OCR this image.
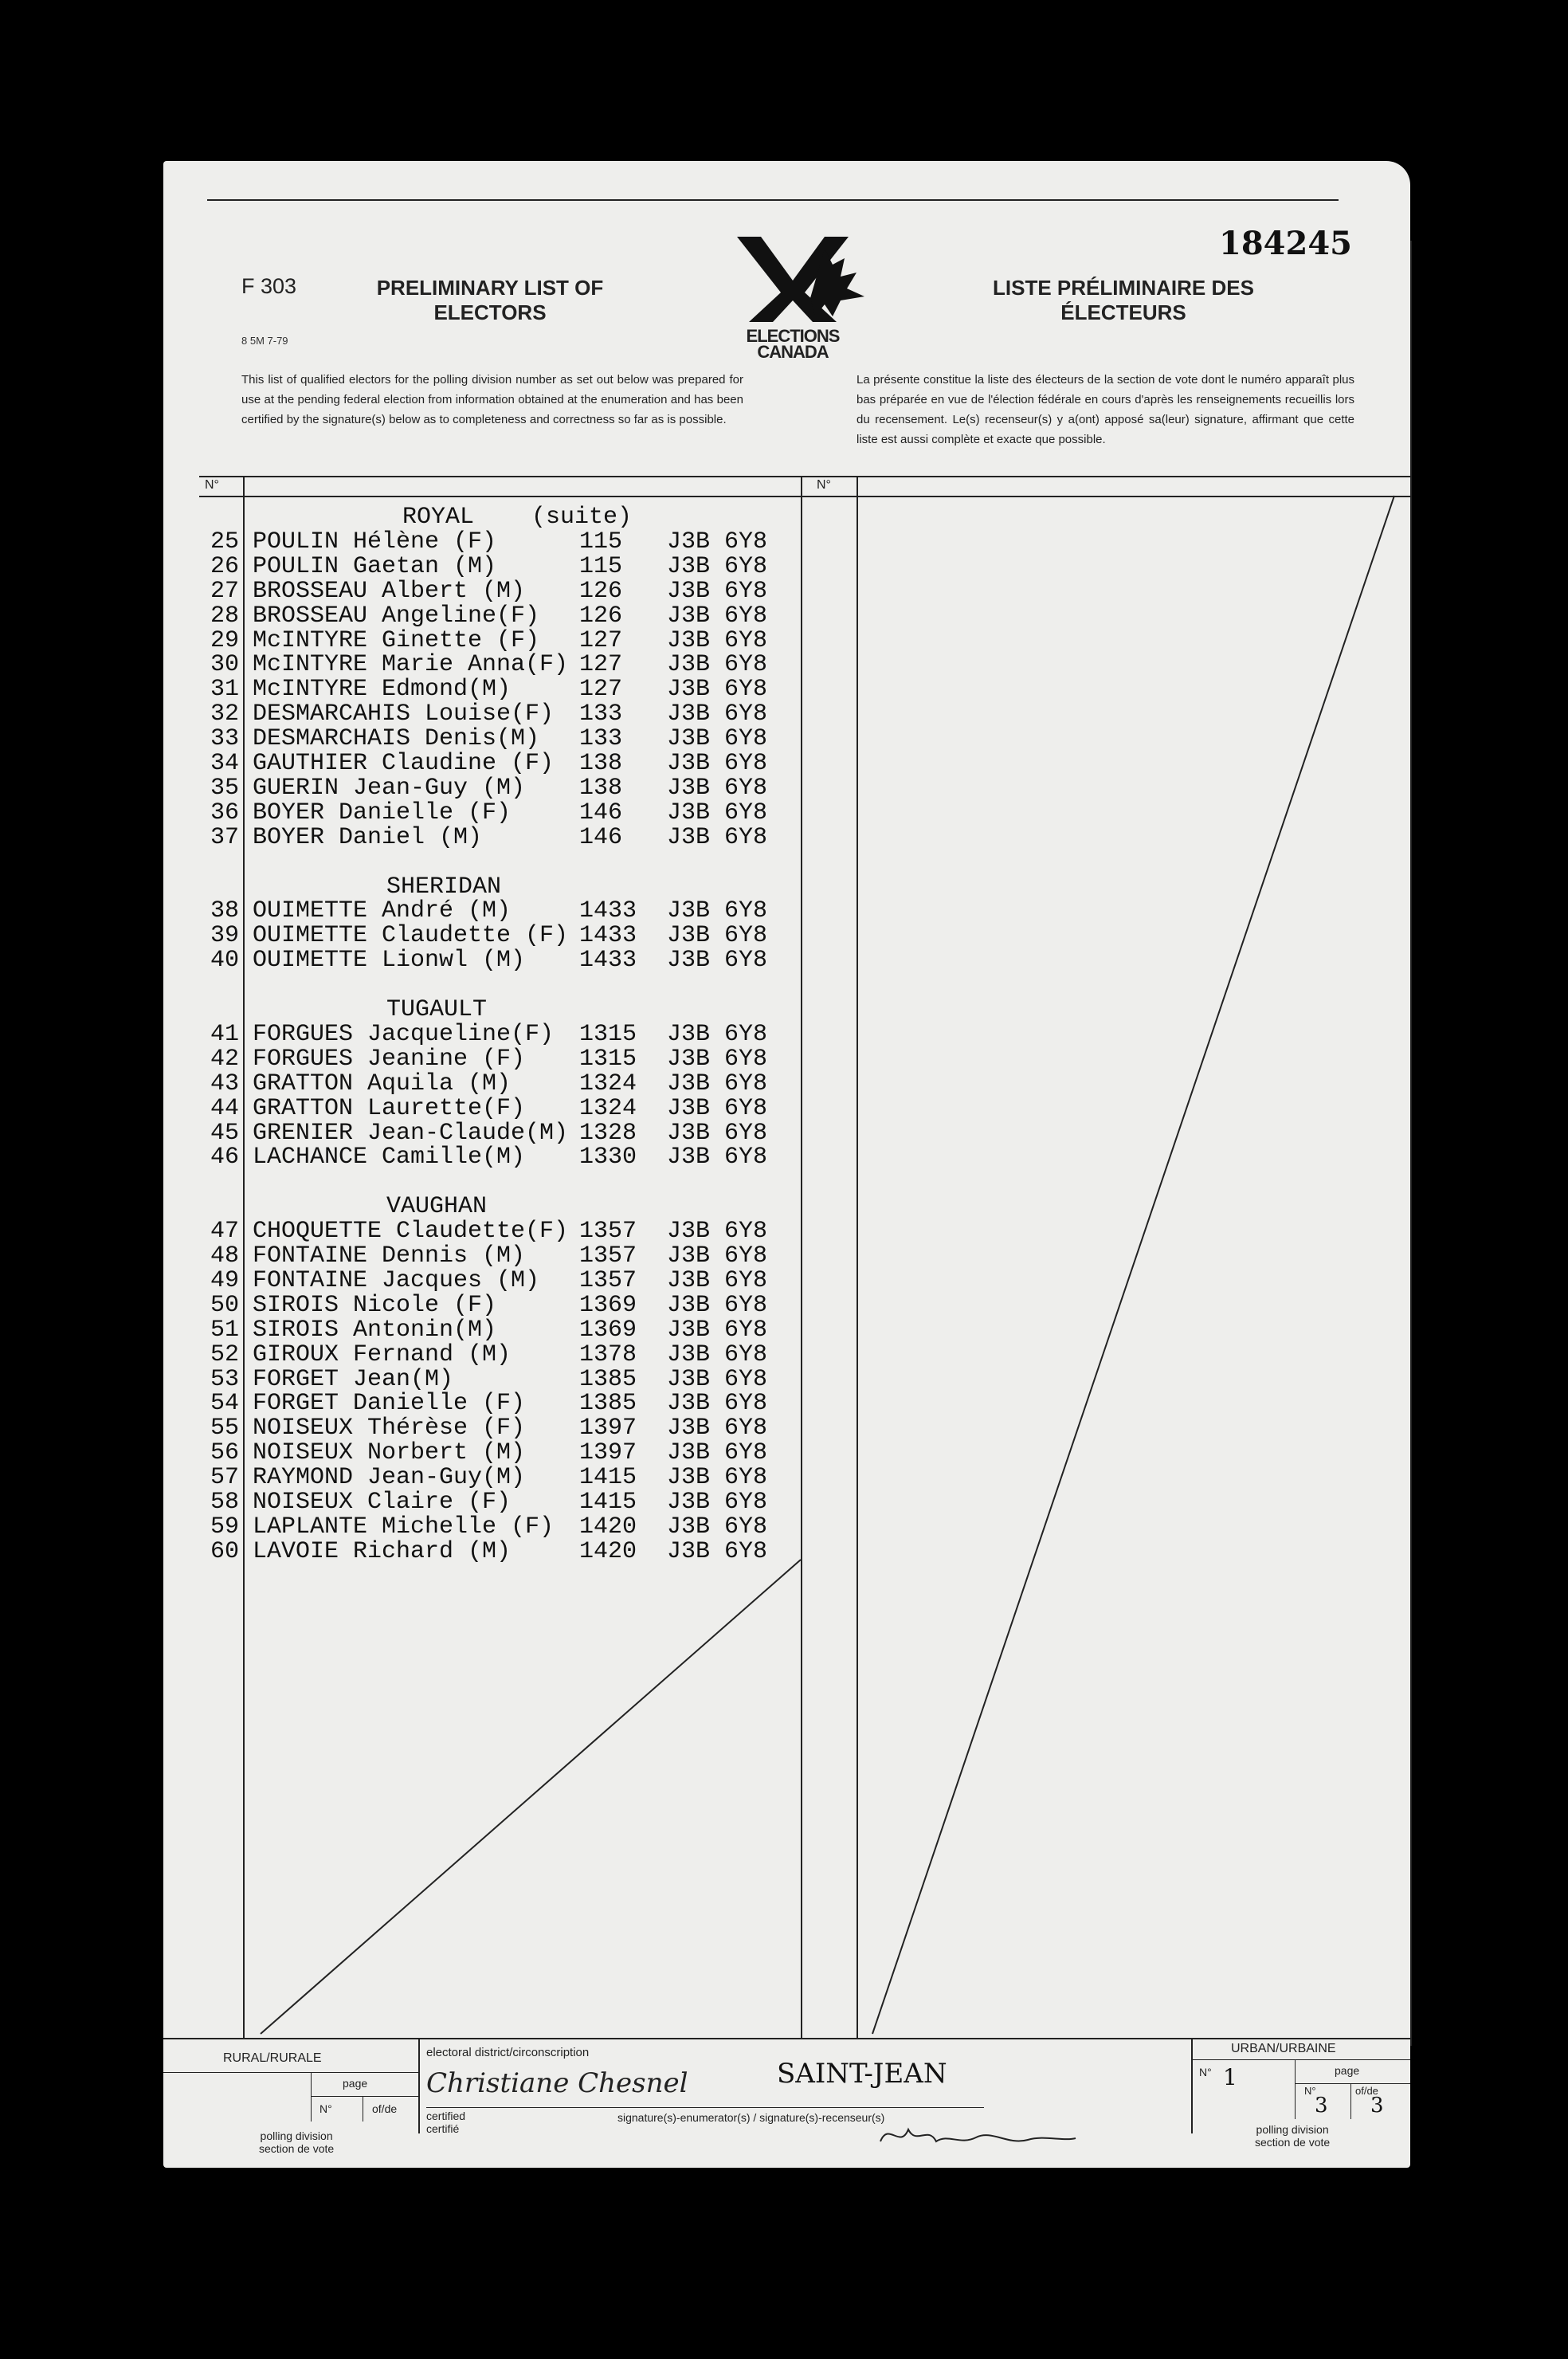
F 303
8 5M 7-79
PRELIMINARY LIST OF
ELECTORS
ELECTIONS
CANADA
184245
LISTE PRÉLIMINAIRE DES
ÉLECTEURS
This list of qualified electors for the polling division number as set out below was prepared for use at the pending federal election from information obtained at the enumeration and has been certified by the signature(s) below as to completeness and correctness so far as is possible.
La présente constitue la liste des électeurs de la section de vote dont le numéro apparaît plus bas préparée en vue de l'élection fédérale en cours d'après les renseignements recueillis lors du recensement. Le(s) recenseur(s) y a(ont) apposé sa(leur) signature, affirmant que cette liste est aussi complète et exacte que possible.
N°	N°
ROYAL    (suite)
25 POULIN Hélène (F)	115 J3B 6Y8
26 POULIN Gaetan (M)	115 J3B 6Y8
27 BROSSEAU Albert (M) 126 J3B 6Y8
28 BROSSEAU Angeline(F) 126 J3B 6Y8
29 McINTYRE Ginette (F) 127 J3B 6Y8
30 McINTYRE Marie Anna(F) 127 J3B 6Y8
31 McINTYRE Edmond(M)	127 J3B 6Y8
32 DESMARCAHIS Louise(F) 133 J3B 6Y8
33 DESMARCHAIS Denis(M) 133 J3B 6Y8
34 GAUTHIER Claudine (F) 138 J3B 6Y8
35 GUERIN Jean-Guy (M) 138 J3B 6Y8
36 BOYER Danielle (F)	146 J3B 6Y8
37 BOYER Daniel (M)	146 J3B 6Y8
SHERIDAN
38 OUIMETTE André (M)	1433 J3B 6Y8
39 OUIMETTE Claudette (F) 1433 J3B 6Y8
40 OUIMETTE Lionwl (M) 1433 J3B 6Y8
TUGAULT
41 FORGUES Jacqueline(F) 1315 J3B 6Y8
42 FORGUES Jeanine (F) 1315 J3B 6Y8
43 GRATTON Aquila (M)	1324 J3B 6Y8
44 GRATTON Laurette(F) 1324 J3B 6Y8
45 GRENIER Jean-Claude(M) 1328 J3B 6Y8
46 LACHANCE Camille(M) 1330 J3B 6Y8
VAUGHAN
47 CHOQUETTE Claudette(F) 1357 J3B 6Y8
48 FONTAINE Dennis (M) 1357 J3B 6Y8
49 FONTAINE Jacques (M) 1357 J3B 6Y8
50 SIROIS Nicole (F)	1369 J3B 6Y8
51 SIROIS Antonin(M)	1369 J3B 6Y8
52 GIROUX Fernand (M)	1378 J3B 6Y8
53 FORGET Jean(M)	1385 J3B 6Y8
54 FORGET Danielle (F) 1385 J3B 6Y8
55 NOISEUX Thérèse (F) 1397 J3B 6Y8
56 NOISEUX Norbert (M) 1397 J3B 6Y8
57 RAYMOND Jean-Guy(M) 1415 J3B 6Y8
58 NOISEUX Claire (F)	1415 J3B 6Y8
59 LAPLANTE Michelle (F) 1420 J3B 6Y8
60 LAVOIE Richard (M)	1420 J3B 6Y8
RURAL/RURALE
page
N°	of/de
polling division
section de vote
electoral district/circonscription
SAINT-JEAN
Christiane Chesnel
certified
certifié
signature(s)-enumerator(s) / signature(s)-recenseur(s)
URBAN/URBAINE
N° 1	page
N°
3
of/de
3
polling division
section de vote
